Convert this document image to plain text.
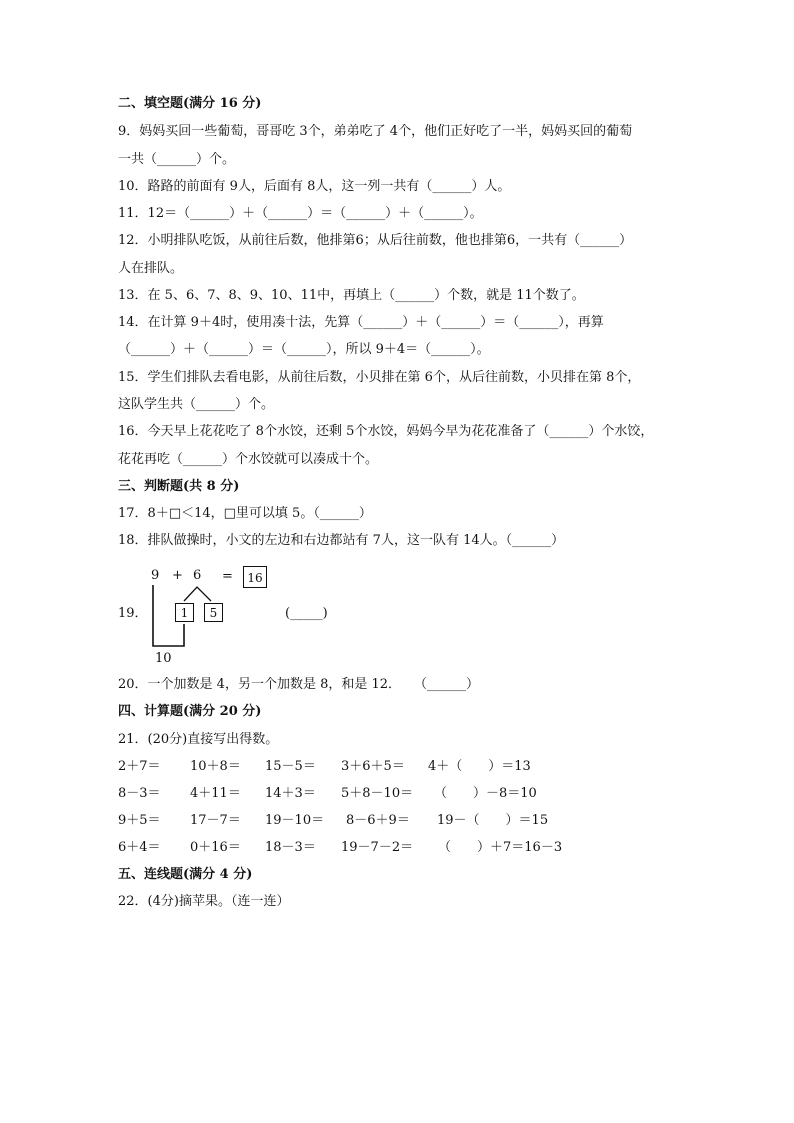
二、填空题(满分 16 分)
9．妈妈买回一些葡萄，哥哥吃 3个，弟弟吃了 4个，他们正好吃了一半，妈妈买回的葡萄
一共（______）个。
10．路路的前面有 9人，后面有 8人，这一列一共有（______）人。
11．12＝（______）＋（______）＝（______）＋（______）。
12．小明排队吃饭，从前往后数，他排第6；从后往前数，他也排第6，一共有（______）
人在排队。
13．在 5、6、7、8、9、10、11中，再填上（______）个数，就是 11个数了。
14．在计算 9＋4时，使用凑十法，先算（______）＋（______）＝（______），再算
（______）＋（______）＝（______），所以 9＋4＝（______）。
15．学生们排队去看电影，从前往后数，小贝排在第 6个，从后往前数，小贝排在第 8个，
这队学生共（______）个。
16．今天早上花花吃了 8个水饺，还剩 5个水饺，妈妈今早为花花准备了（______）个水饺，
花花再吃（______）个水饺就可以凑成十个。
三、判断题(共 8 分)
17．8＋□＜14，□里可以填 5。（______）
18．排队做操时，小文的左边和右边都站有 7人，这一队有 14人。（______）
19．
9 + 6 =	16
1	5
10
(_____)
20．一个加数是 4，另一个加数是 8，和是 12．　　（______）
四、计算题(满分 20 分)
21．(20分)直接写出得数。
2＋7＝ 10＋8＝ 15－5＝ 3＋6＋5＝ 4＋（　　）＝13
8－3＝ 4＋11＝ 14＋3＝ 5＋8－10＝ （　　）－8＝10
9＋5＝ 17－7＝ 19－10＝ 8－6＋9＝ 19－（　　）＝15
6＋4＝ 0＋16＝ 18－3＝ 19－7－2＝ （　　）＋7＝16－3
五、连线题(满分 4 分)
22．(4分)摘苹果。（连一连）
